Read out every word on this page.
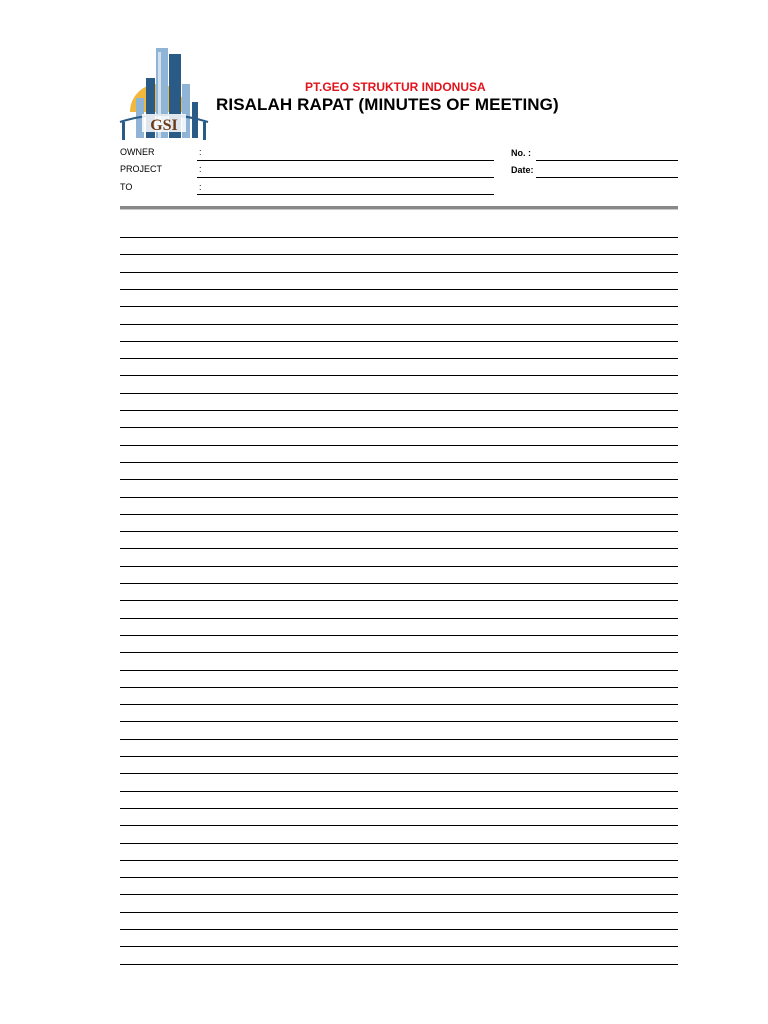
GSI
PT.GEO STRUKTUR INDONUSA
RISALAH RAPAT (MINUTES OF MEETING)
OWNER	:
PROJECT	:
TO	:
No. :
Date:
